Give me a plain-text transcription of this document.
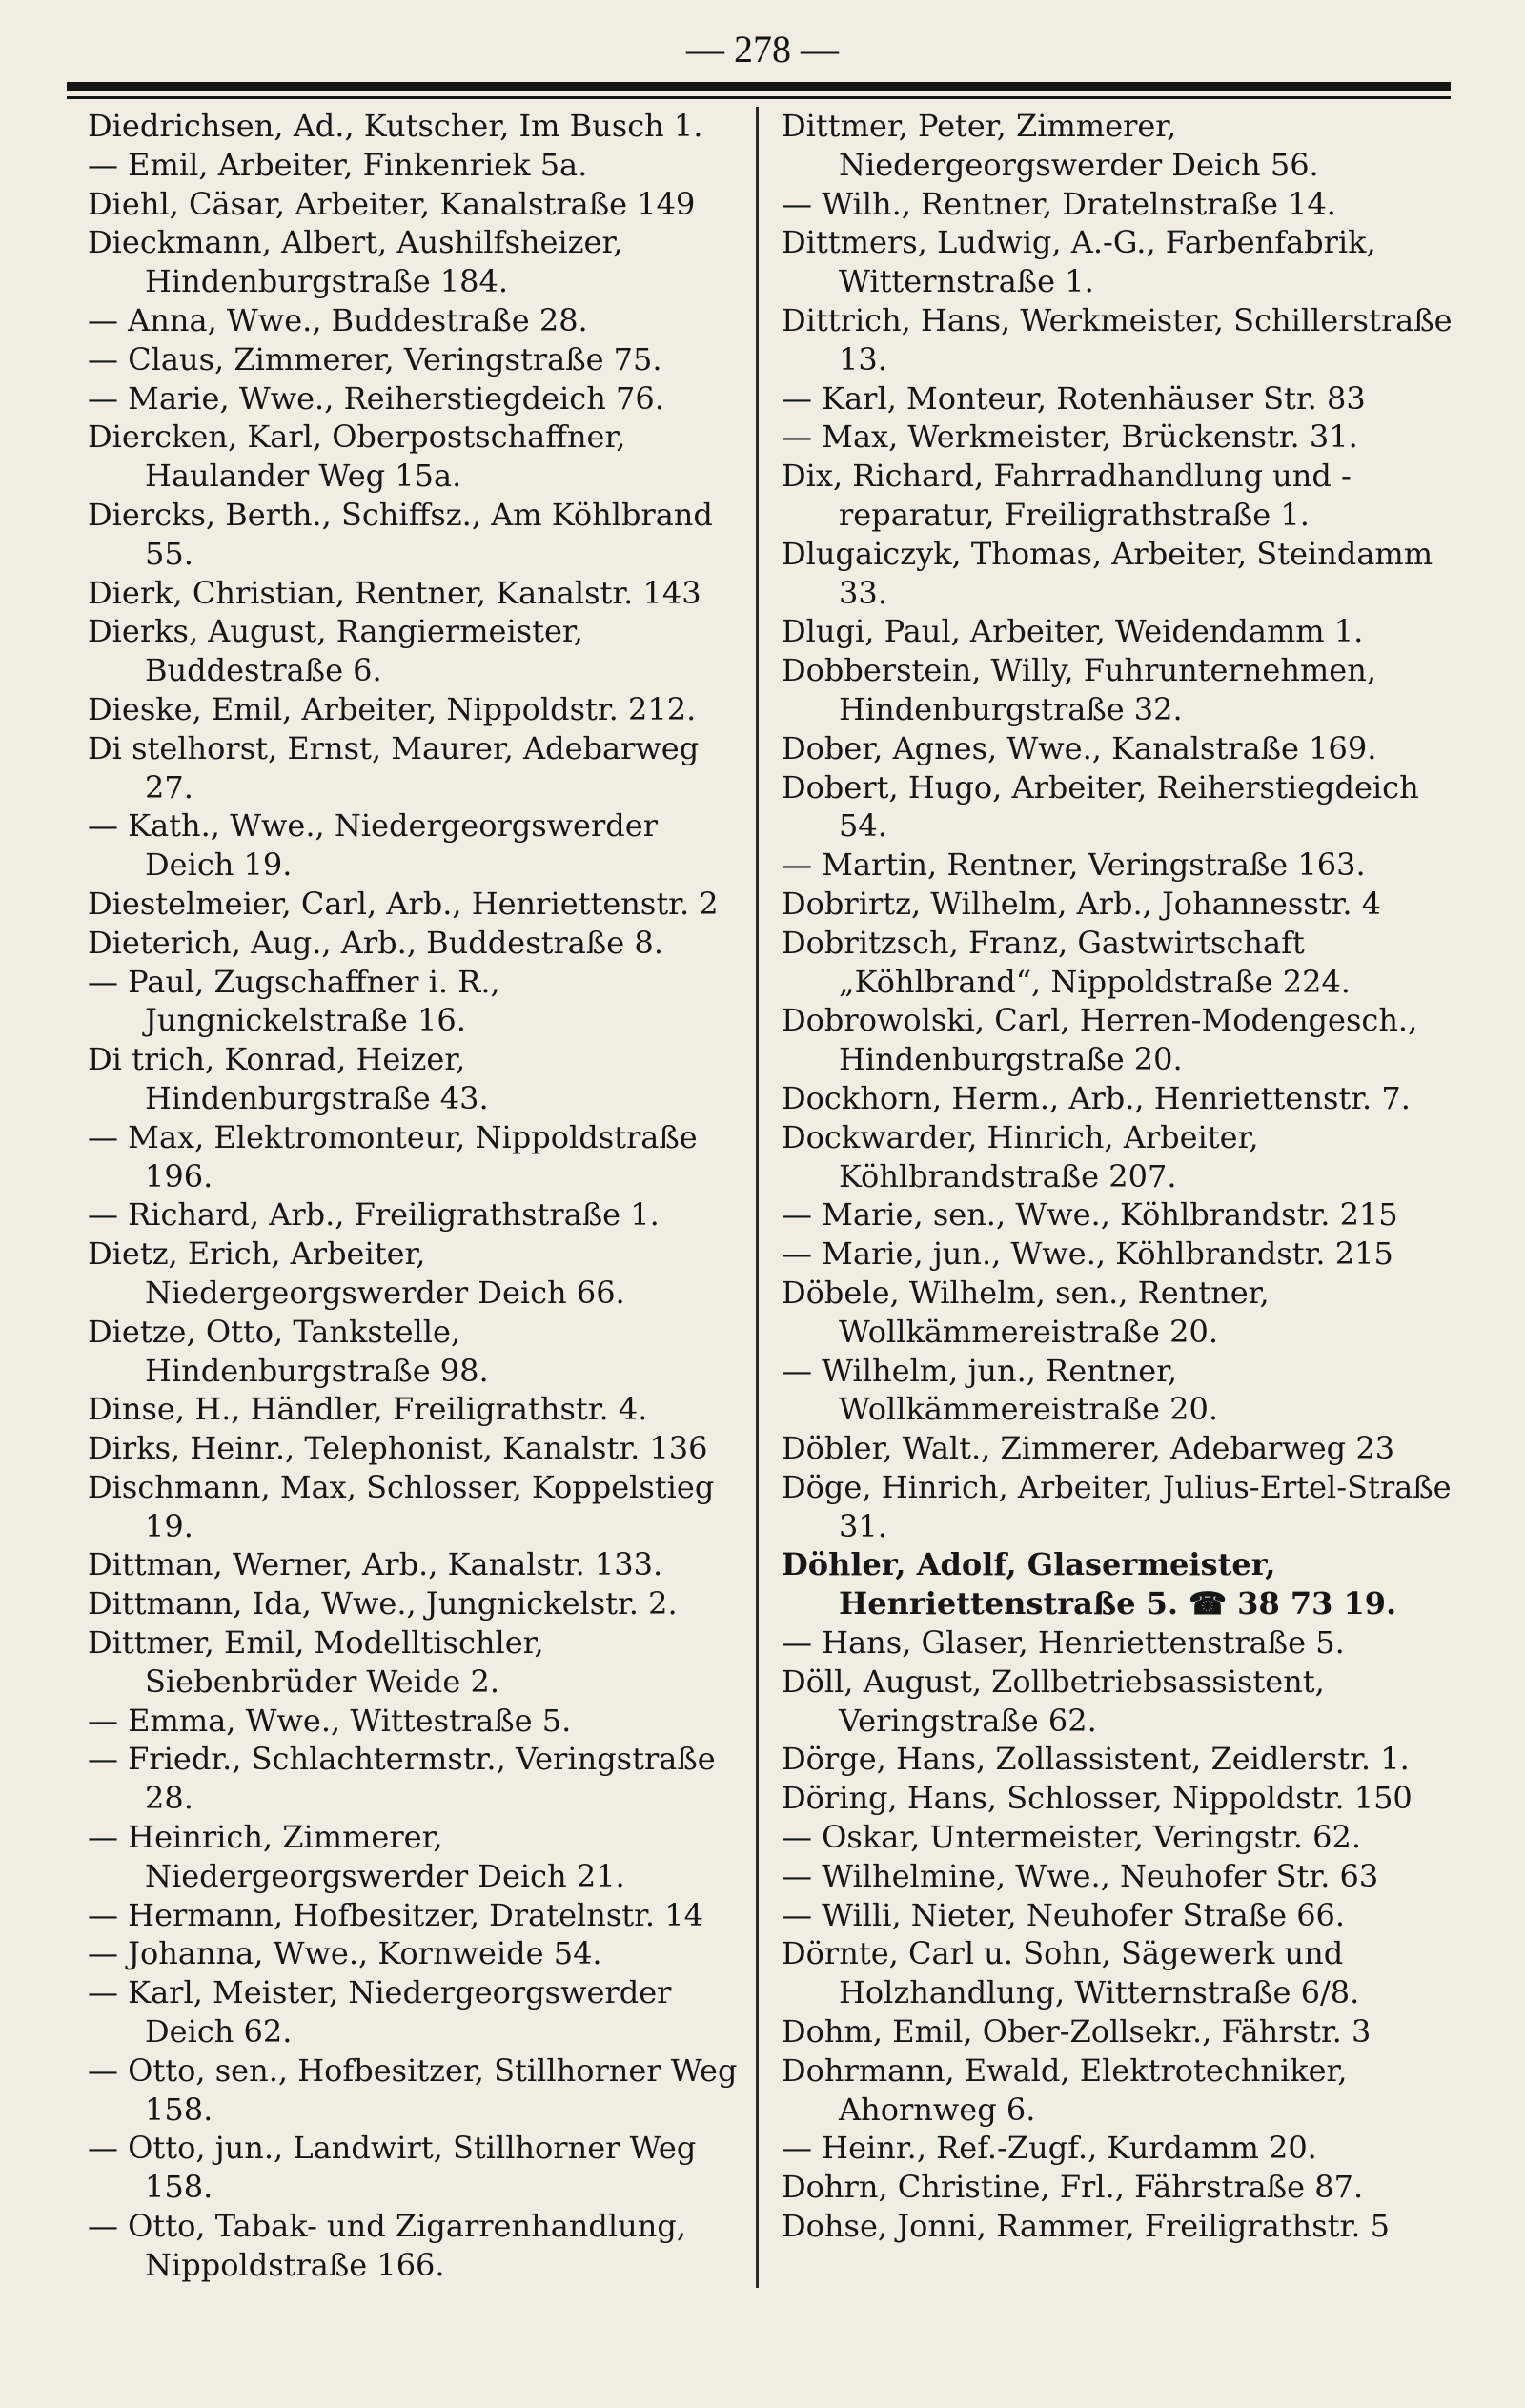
— 278 —
Diedrichsen, Ad., Kutscher, Im Busch 1.
— Emil, Arbeiter, Finkenriek 5a.
Diehl, Cäsar, Arbeiter, Kanalstraße 149
Dieckmann, Albert, Aushilfsheizer, Hindenburgstraße 184.
— Anna, Wwe., Buddestraße 28.
— Claus, Zimmerer, Veringstraße 75.
— Marie, Wwe., Reiherstiegdeich 76.
Diercken, Karl, Oberpostschaffner, Haulander Weg 15a.
Diercks, Berth., Schiffsz., Am Köhlbrand 55.
Dierk, Christian, Rentner, Kanalstr. 143
Dierks, August, Rangiermeister, Buddestraße 6.
Dieske, Emil, Arbeiter, Nippoldstr. 212.
Di stelhorst, Ernst, Maurer, Adebarweg 27.
— Kath., Wwe., Niedergeorgswerder Deich 19.
Diestelmeier, Carl, Arb., Henriettenstr. 2
Dieterich, Aug., Arb., Buddestraße 8.
— Paul, Zugschaffner i. R., Jungnickelstraße 16.
Di trich, Konrad, Heizer, Hindenburgstraße 43.
— Max, Elektromonteur, Nippoldstraße 196.
— Richard, Arb., Freiligrathstraße 1.
Dietz, Erich, Arbeiter, Niedergeorgswerder Deich 66.
Dietze, Otto, Tankstelle, Hindenburgstraße 98.
Dinse, H., Händler, Freiligrathstr. 4.
Dirks, Heinr., Telephonist, Kanalstr. 136
Dischmann, Max, Schlosser, Koppelstieg 19.
Dittman, Werner, Arb., Kanalstr. 133.
Dittmann, Ida, Wwe., Jungnickelstr. 2.
Dittmer, Emil, Modelltischler, Siebenbrüder Weide 2.
— Emma, Wwe., Wittestraße 5.
— Friedr., Schlachtermstr., Veringstraße 28.
— Heinrich, Zimmerer, Niedergeorgswerder Deich 21.
— Hermann, Hofbesitzer, Dratelnstr. 14
— Johanna, Wwe., Kornweide 54.
— Karl, Meister, Niedergeorgswerder Deich 62.
— Otto, sen., Hofbesitzer, Stillhorner Weg 158.
— Otto, jun., Landwirt, Stillhorner Weg 158.
— Otto, Tabak- und Zigarrenhandlung, Nippoldstraße 166.
Dittmer, Peter, Zimmerer, Niedergeorgswerder Deich 56.
— Wilh., Rentner, Dratelnstraße 14.
Dittmers, Ludwig, A.-G., Farbenfabrik, Witternstraße 1.
Dittrich, Hans, Werkmeister, Schillerstraße 13.
— Karl, Monteur, Rotenhäuser Str. 83
— Max, Werkmeister, Brückenstr. 31.
Dix, Richard, Fahrradhandlung und -reparatur, Freiligrathstraße 1.
Dlugaiczyk, Thomas, Arbeiter, Steindamm 33.
Dlugi, Paul, Arbeiter, Weidendamm 1.
Dobberstein, Willy, Fuhrunternehmen, Hindenburgstraße 32.
Dober, Agnes, Wwe., Kanalstraße 169.
Dobert, Hugo, Arbeiter, Reiherstiegdeich 54.
— Martin, Rentner, Veringstraße 163.
Dobrirtz, Wilhelm, Arb., Johannesstr. 4
Dobritzsch, Franz, Gastwirtschaft „Köhlbrand“, Nippoldstraße 224.
Dobrowolski, Carl, Herren-Modengesch., Hindenburgstraße 20.
Dockhorn, Herm., Arb., Henriettenstr. 7.
Dockwarder, Hinrich, Arbeiter, Köhlbrandstraße 207.
— Marie, sen., Wwe., Köhlbrandstr. 215
— Marie, jun., Wwe., Köhlbrandstr. 215
Döbele, Wilhelm, sen., Rentner, Wollkämmereistraße 20.
— Wilhelm, jun., Rentner, Wollkämmereistraße 20.
Döbler, Walt., Zimmerer, Adebarweg 23
Döge, Hinrich, Arbeiter, Julius-Ertel-Straße 31.
Döhler, Adolf, Glasermeister, Henriettenstraße 5. ☎ 38 73 19.
— Hans, Glaser, Henriettenstraße 5.
Döll, August, Zollbetriebsassistent, Veringstraße 62.
Dörge, Hans, Zollassistent, Zeidlerstr. 1.
Döring, Hans, Schlosser, Nippoldstr. 150
— Oskar, Untermeister, Veringstr. 62.
— Wilhelmine, Wwe., Neuhofer Str. 63
— Willi, Nieter, Neuhofer Straße 66.
Dörnte, Carl u. Sohn, Sägewerk und Holzhandlung, Witternstraße 6/8.
Dohm, Emil, Ober-Zollsekr., Fährstr. 3
Dohrmann, Ewald, Elektrotechniker, Ahornweg 6.
— Heinr., Ref.-Zugf., Kurdamm 20.
Dohrn, Christine, Frl., Fährstraße 87.
Dohse, Jonni, Rammer, Freiligrathstr. 5
